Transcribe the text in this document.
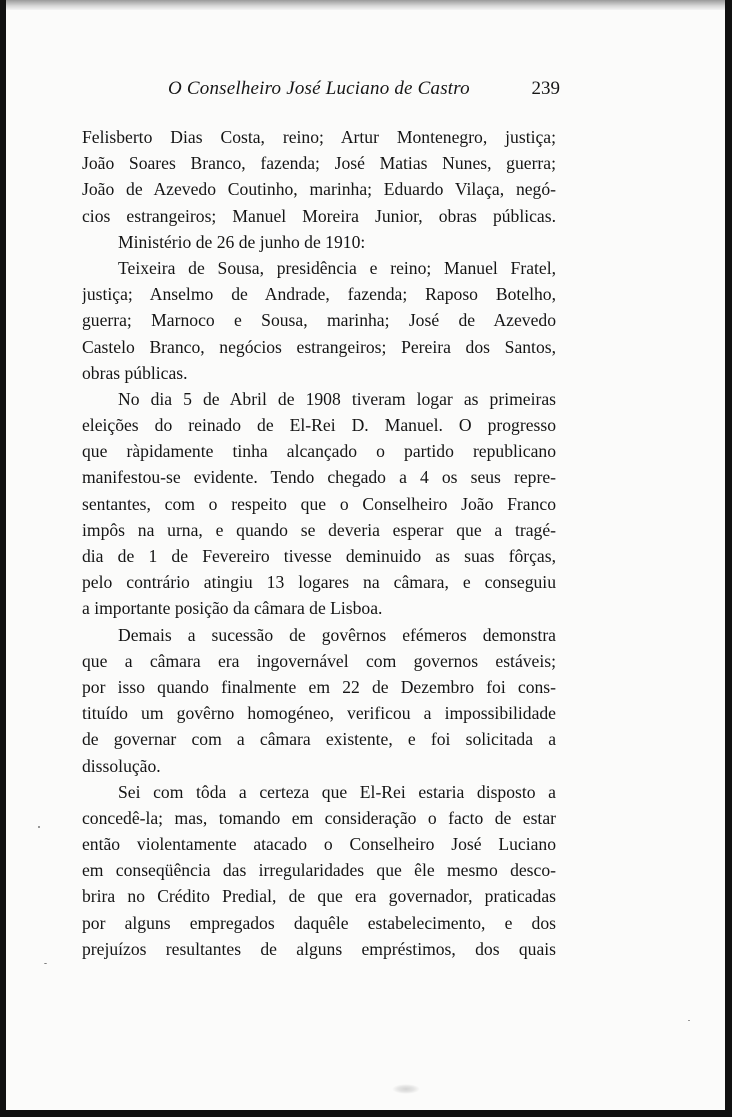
O Conselheiro José Luciano de Castro	239
Felisberto Dias Costa, reino; Artur Montenegro, justiça;
João Soares Branco, fazenda; José Matias Nunes, guerra;
João de Azevedo Coutinho, marinha; Eduardo Vilaça, negó-
cios estrangeiros; Manuel Moreira Junior, obras públicas.
Ministério de 26 de junho de 1910:
Teixeira de Sousa, presidência e reino; Manuel Fratel,
justiça; Anselmo de Andrade, fazenda; Raposo Botelho,
guerra; Marnoco e Sousa, marinha; José de Azevedo
Castelo Branco, negócios estrangeiros; Pereira dos Santos,
obras públicas.
No dia 5 de Abril de 1908 tiveram logar as primeiras
eleições do reinado de El-Rei D. Manuel. O progresso
que ràpidamente tinha alcançado o partido republicano
manifestou-se evidente. Tendo chegado a 4 os seus repre-
sentantes, com o respeito que o Conselheiro João Franco
impôs na urna, e quando se deveria esperar que a tragé-
dia de 1 de Fevereiro tivesse deminuido as suas fôrças,
pelo contrário atingiu 13 logares na câmara, e conseguiu
a importante posição da câmara de Lisboa.
Demais a sucessão de govêrnos efémeros demonstra
que a câmara era ingovernável com governos estáveis;
por isso quando finalmente em 22 de Dezembro foi cons-
tituído um govêrno homogéneo, verificou a impossibilidade
de governar com a câmara existente, e foi solicitada a
dissolução.
Sei com tôda a certeza que El-Rei estaria disposto a
concedê-la; mas, tomando em consideração o facto de estar
então violentamente atacado o Conselheiro José Luciano
em conseqüência das irregularidades que êle mesmo desco-
brira no Crédito Predial, de que era governador, praticadas
por alguns empregados daquêle estabelecimento, e dos
prejuízos resultantes de alguns empréstimos, dos quais
